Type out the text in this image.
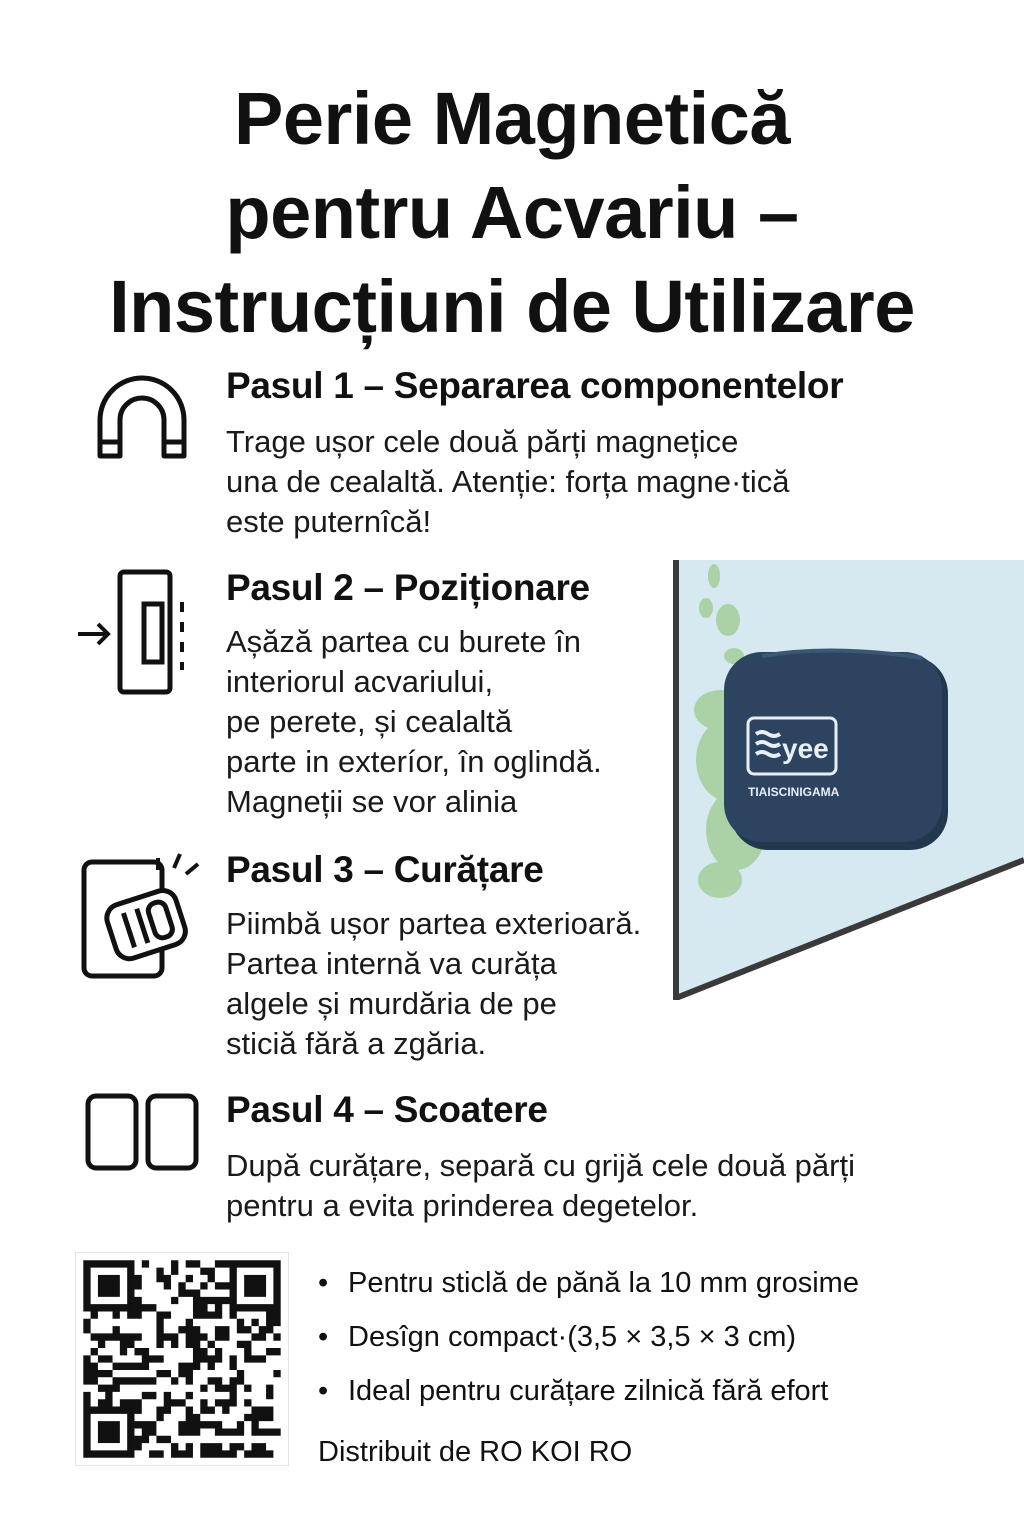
Perie Magnetică
pentru Acvariu –
Instrucțiuni de Utilizare
Pasul 1 – Separarea componentelor
Trage ușor cele două părți magnețice
una de cealaltă. Atenție: forța magne·tică
este puternîcă!
Pasul 2 – Poziționare
Așăză partea cu burete în
interiorul acvariului,
pe perete, și cealaltă
parte in exteríor, în oglindă.
Magneții se vor alinia
Pasul 3 – Curățare
Piimbă ușor partea exterioară.
Partea internă va curăța
algele și murdăria de pe
sticiă fără a zgăria.
Pasul 4 – Scoatere
După curățare, separă cu grijă cele două părți
pentru a evita prinderea degetelor.
yee
TIAISCINIGAMA
• Pentru sticlă de pănă la 10 mm grosime
• Desîgn compact·(3,5 × 3,5 × 3 cm)
• Ideal pentru curățare zilnică fără efort
Distribuit de RO KOI RO
